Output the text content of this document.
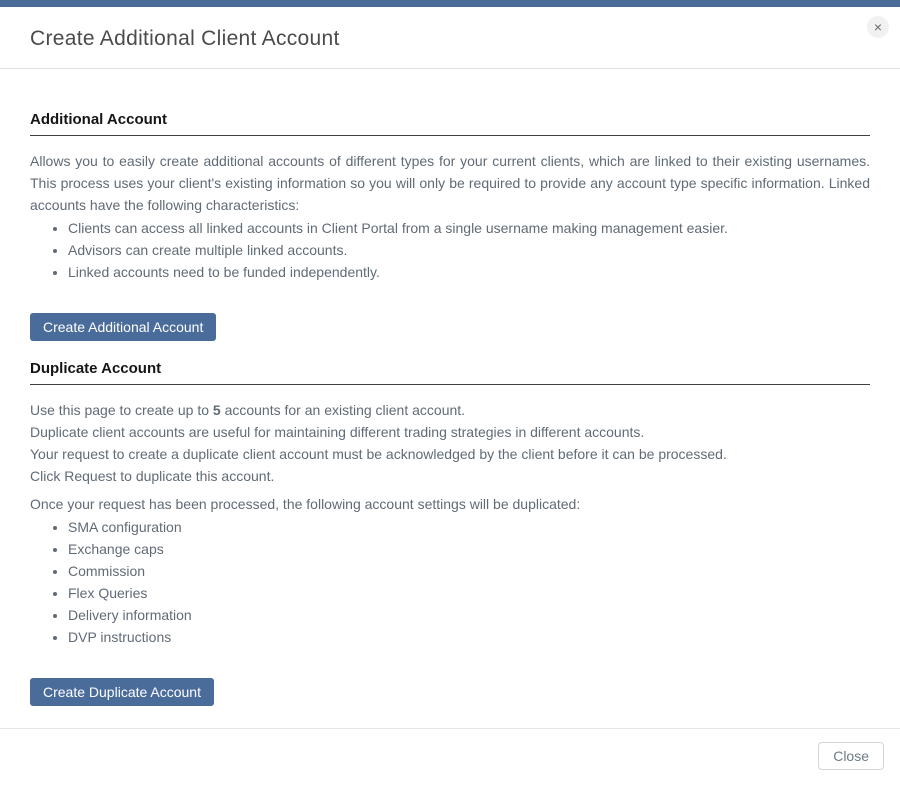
Create Additional Client Account	×
Additional Account

Allows you to easily create additional accounts of different types for your current clients, which are linked to their existing usernames. This process uses your client's existing information so you will only be required to provide any account type specific information. Linked accounts have the following characteristics:

• Clients can access all linked accounts in Client Portal from a single username making management easier.
• Advisors can create multiple linked accounts.
• Linked accounts need to be funded independently.
Create Additional Account
Duplicate Account

Use this page to create up to 5 accounts for an existing client account.

Duplicate client accounts are useful for maintaining different trading strategies in different accounts.

Your request to create a duplicate client account must be acknowledged by the client before it can be processed.

Click Request to duplicate this account.

Once your request has been processed, the following account settings will be duplicated:

• SMA configuration
• Exchange caps
• Commission
• Flex Queries
• Delivery information
• DVP instructions
Create Duplicate Account
Close
